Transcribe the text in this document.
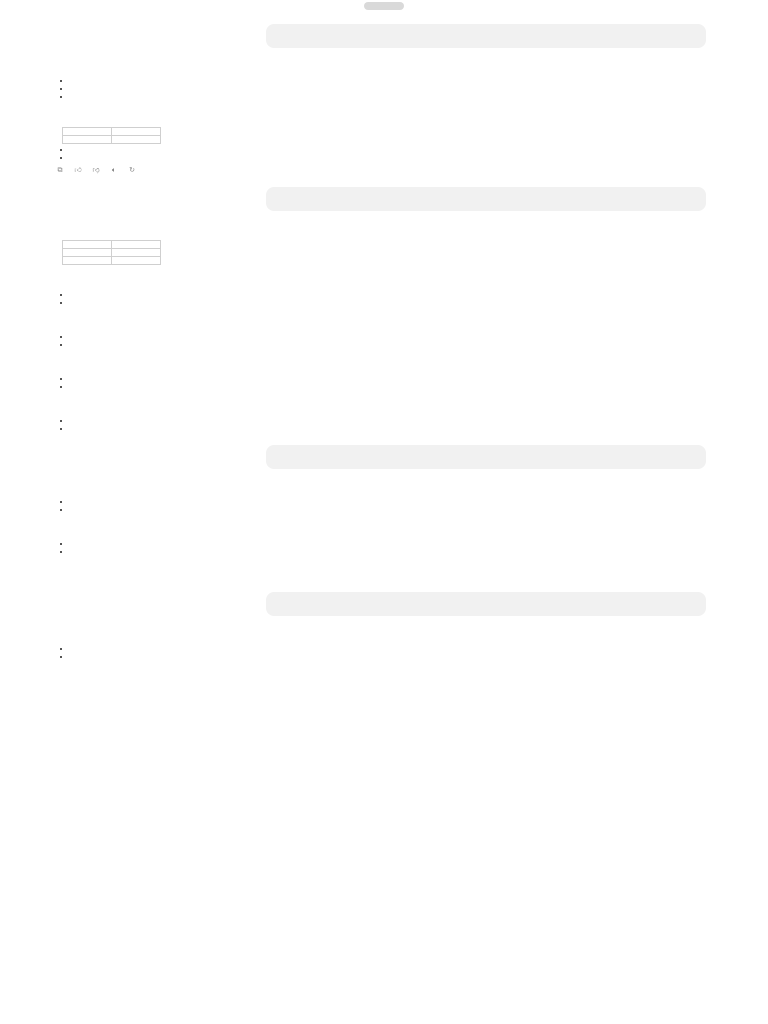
•
•
•

•
•
⧉ 👍︎ 👎︎ 🔈︎ ↻

•
•
•
•
•
•
•
•
•
•
•
•
•
•
